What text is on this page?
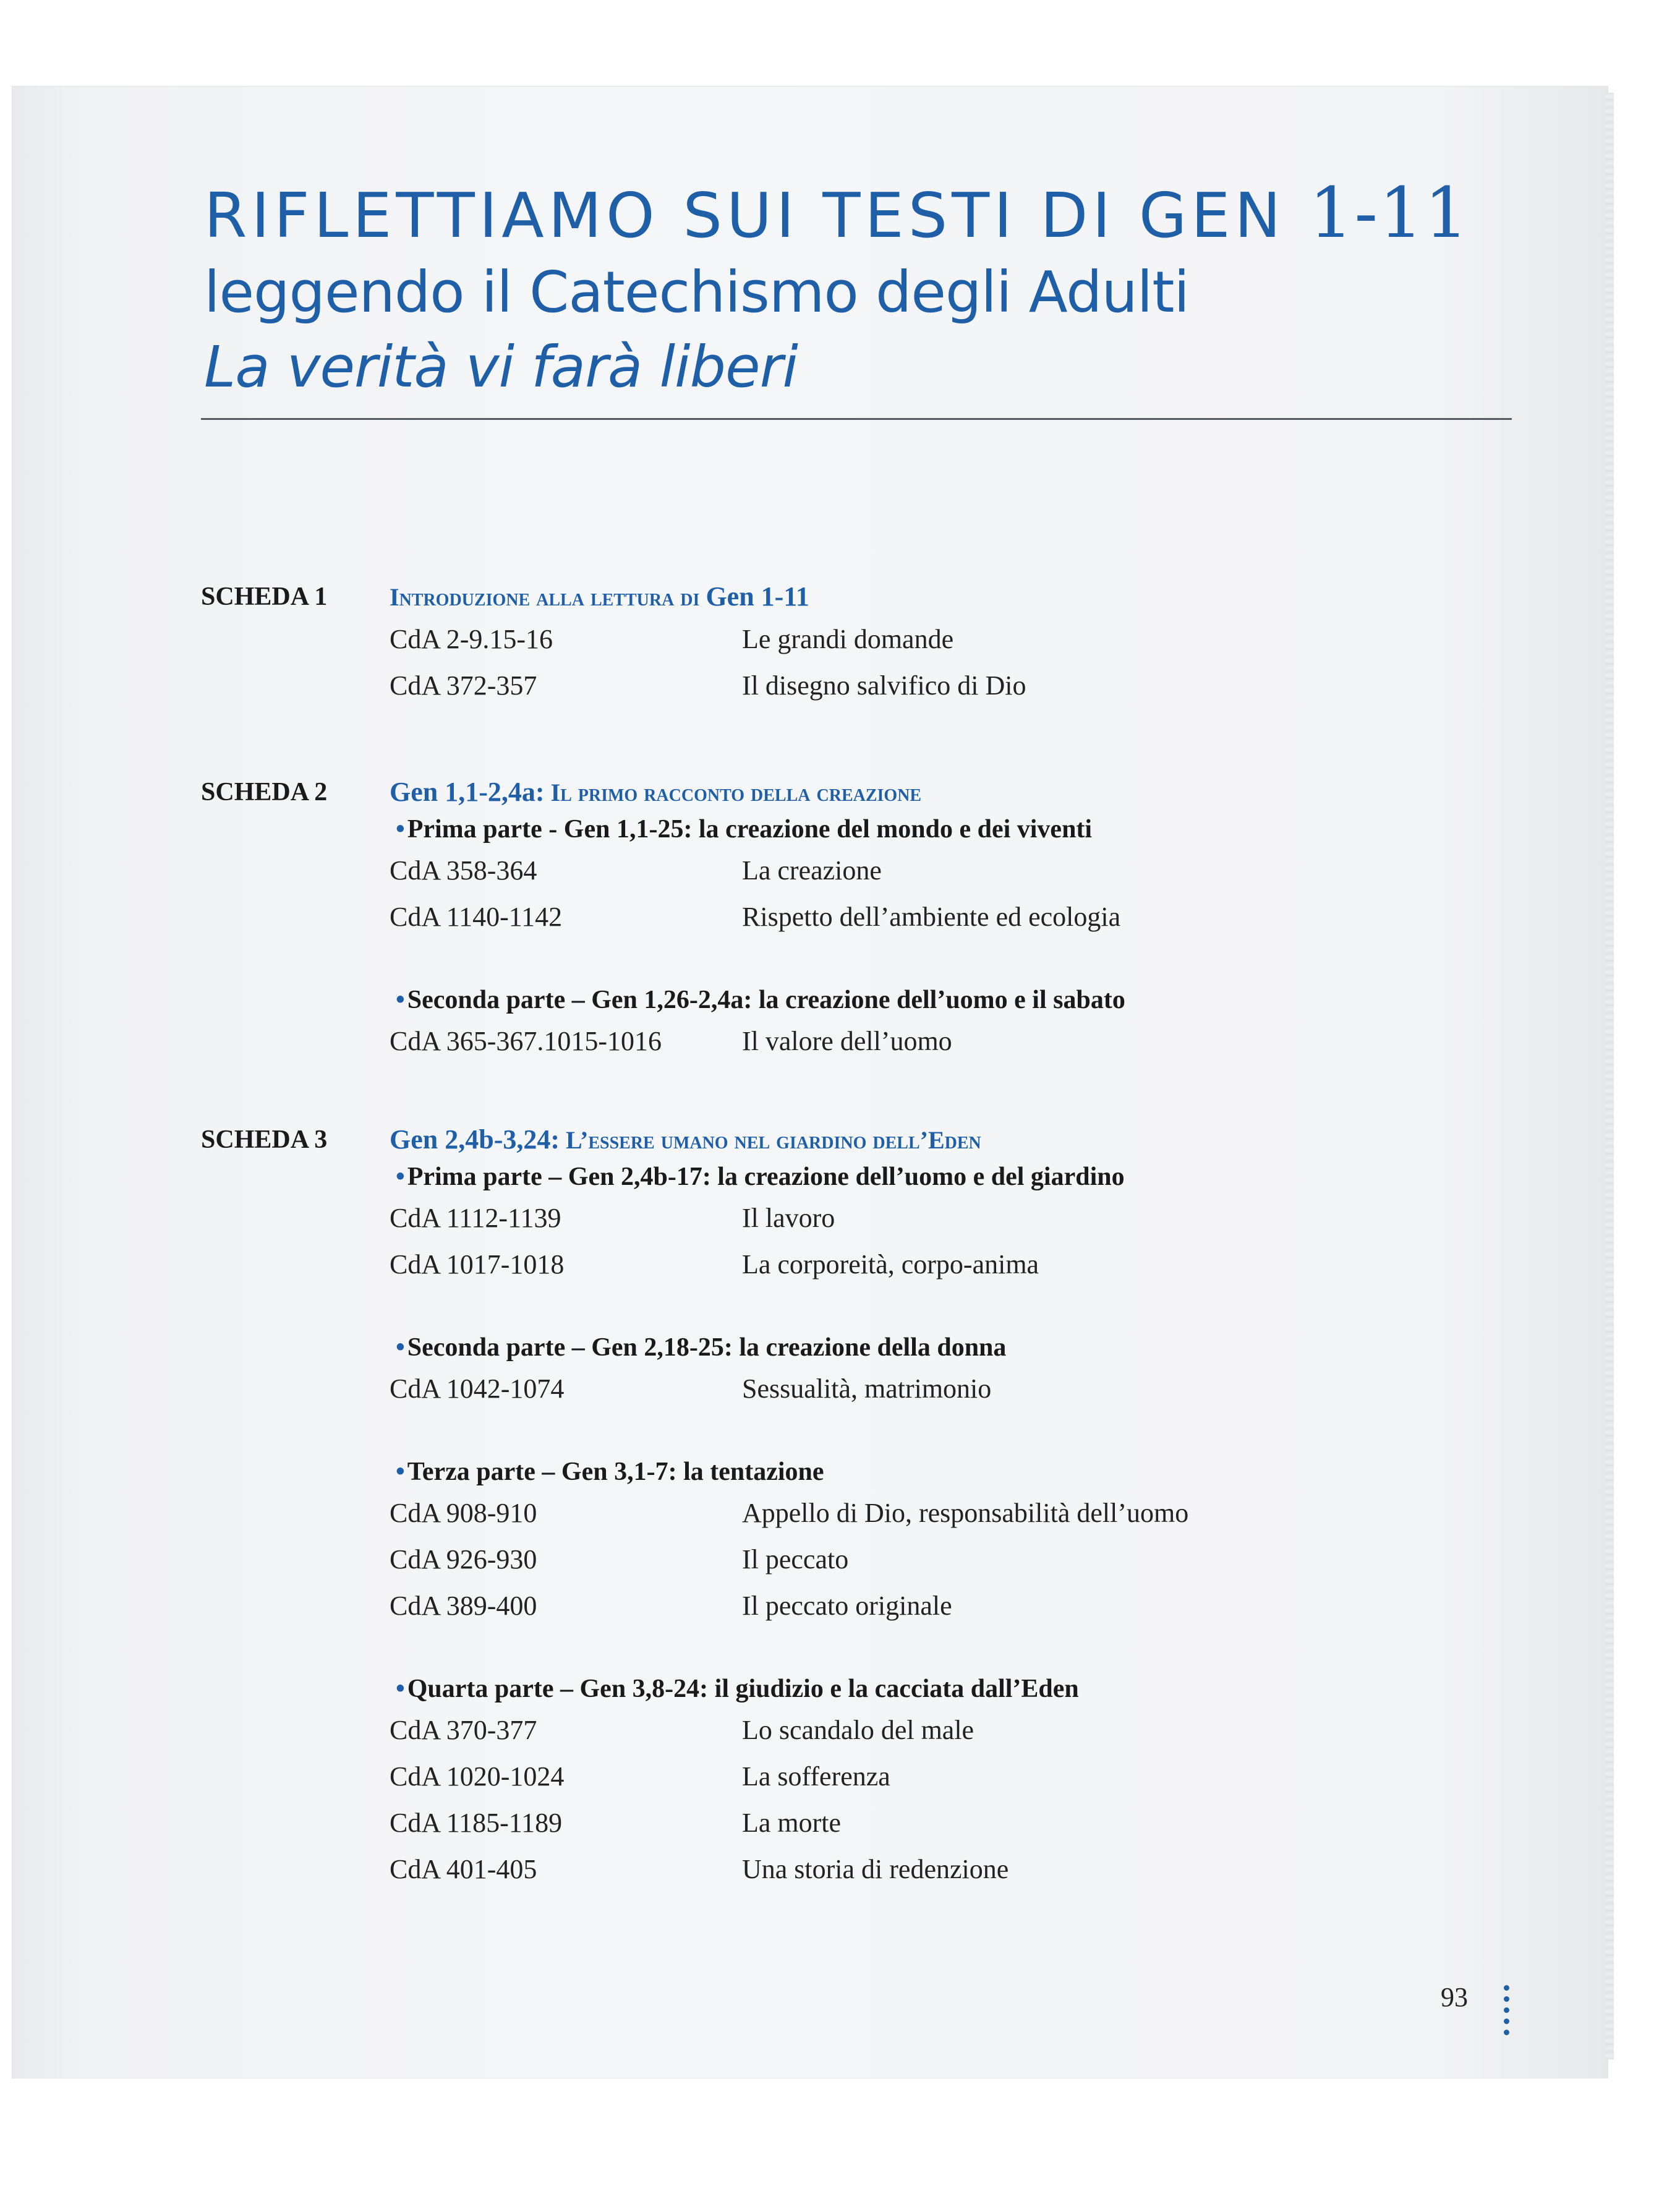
RIFLETTIAMO SUI TESTI DI GEN 1-11
leggendo il Catechismo degli Adulti
La verità vi farà liberi
SCHEDA 1	Introduzione alla lettura di Gen 1-11
CdA 2-9.15-16	Le grandi domande
CdA 372-357	Il disegno salvifico di Dio
SCHEDA 2 Gen 1,1-2,4a: Il primo racconto della creazione
•Prima parte - Gen 1,1-25: la creazione del mondo e dei viventi
CdA 358-364	La creazione
CdA 1140-1142	Rispetto dell’ambiente ed ecologia
•Seconda parte – Gen 1,26-2,4a: la creazione dell’uomo e il sabato
CdA 365-367.1015-1016	Il valore dell’uomo
SCHEDA 3 Gen 2,4b-3,24: L’essere umano nel giardino dell’Eden
•Prima parte – Gen 2,4b-17: la creazione dell’uomo e del giardino
CdA 1112-1139	Il lavoro
CdA 1017-1018	La corporeità, corpo-anima
•Seconda parte – Gen 2,18-25: la creazione della donna
CdA 1042-1074	Sessualità, matrimonio
•Terza parte – Gen 3,1-7: la tentazione
CdA 908-910	Appello di Dio, responsabilità dell’uomo
CdA 926-930	Il peccato
CdA 389-400	Il peccato originale
•Quarta parte – Gen 3,8-24: il giudizio e la cacciata dall’Eden
CdA 370-377	Lo scandalo del male
CdA 1020-1024	La sofferenza
CdA 1185-1189	La morte
CdA 401-405	Una storia di redenzione
93
